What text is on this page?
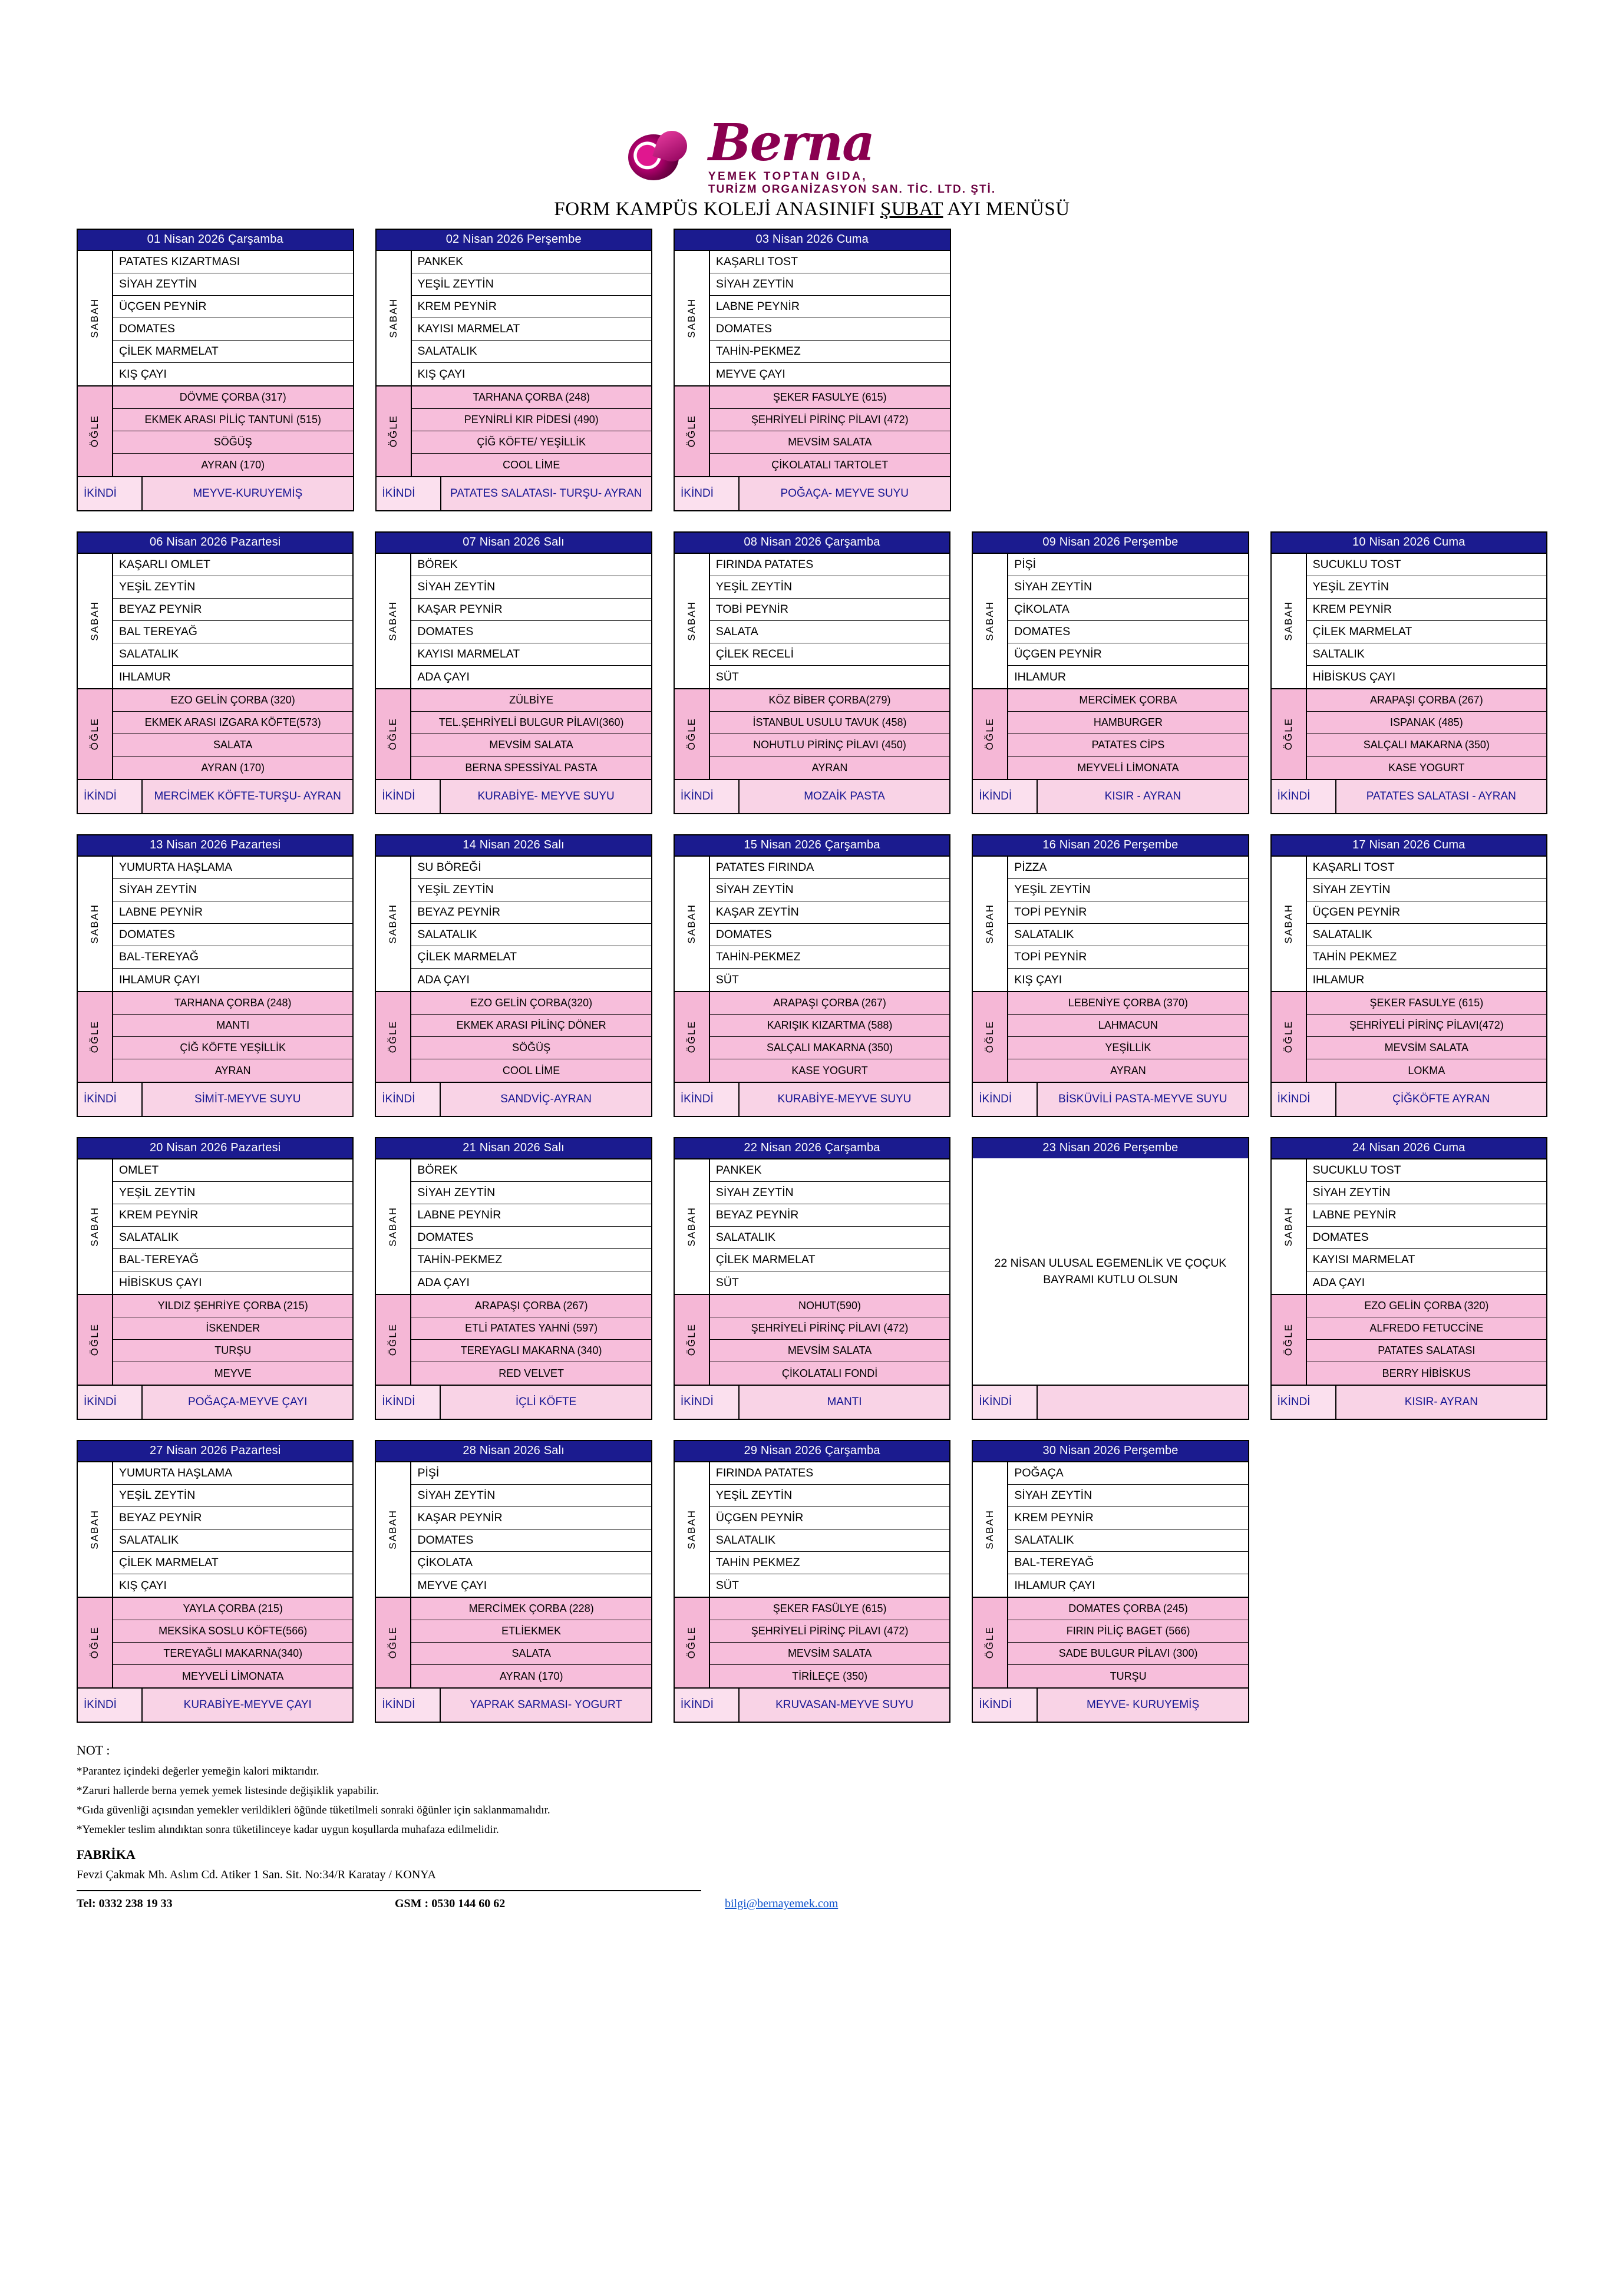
Berna
YEMEK TOPTAN GIDA,
TURİZM ORGANİZASYON SAN. TİC. LTD. ŞTİ.
FORM KAMPÜS KOLEJİ ANASINIFI ŞUBAT AYI MENÜSÜ
01 Nisan 2026 Çarşamba
SABAH
PATATES KIZARTMASI
SİYAH ZEYTİN
ÜÇGEN PEYNİR
DOMATES
ÇİLEK MARMELAT
KIŞ ÇAYI
ÖĞLE
DÖVME ÇORBA (317)
EKMEK ARASI PİLİÇ TANTUNİ (515)
SÖĞÜŞ
AYRAN (170)
İKİNDİ	MEYVE-KURUYEMİŞ
02 Nisan 2026 Perşembe
SABAH
PANKEK
YEŞİL ZEYTİN
KREM PEYNİR
KAYISI MARMELAT
SALATALIK
KIŞ ÇAYI
ÖĞLE
TARHANA ÇORBA (248)
PEYNİRLİ KIR PİDESİ (490)
ÇİĞ KÖFTE/ YEŞİLLİK
COOL LİME
İKİNDİ	PATATES SALATASI- TURŞU- AYRAN
03 Nisan 2026 Cuma
SABAH
KAŞARLI TOST
SİYAH ZEYTİN
LABNE PEYNİR
DOMATES
TAHİN-PEKMEZ
MEYVE ÇAYI
ÖĞLE
ŞEKER FASULYE (615)
ŞEHRİYELİ PİRİNÇ PİLAVI (472)
MEVSİM SALATA
ÇİKOLATALI TARTOLET
İKİNDİ	POĞAÇA- MEYVE SUYU
06 Nisan 2026 Pazartesi
SABAH
KAŞARLI OMLET
YEŞİL ZEYTİN
BEYAZ PEYNİR
BAL TEREYAĞ
SALATALIK
IHLAMUR
ÖĞLE
EZO GELİN ÇORBA (320)
EKMEK ARASI IZGARA KÖFTE(573)
SALATA
AYRAN (170)
İKİNDİ	MERCİMEK KÖFTE-TURŞU- AYRAN
07 Nisan 2026 Salı
SABAH
BÖREK
SİYAH ZEYTİN
KAŞAR PEYNİR
DOMATES
KAYISI MARMELAT
ADA ÇAYI
ÖĞLE
ZÜLBİYE
TEL.ŞEHRİYELİ BULGUR PİLAVI(360)
MEVSİM SALATA
BERNA SPESSİYAL PASTA
İKİNDİ	KURABİYE- MEYVE SUYU
08 Nisan 2026 Çarşamba
SABAH
FIRINDA PATATES
YEŞİL ZEYTİN
TOBİ PEYNİR
SALATA
ÇİLEK RECELİ
SÜT
ÖĞLE
KÖZ BİBER ÇORBA(279)
İSTANBUL USULU TAVUK (458)
NOHUTLU PİRİNÇ PİLAVI (450)
AYRAN
İKİNDİ	MOZAİK PASTA
09 Nisan 2026 Perşembe
SABAH
PİŞİ
SİYAH ZEYTİN
ÇİKOLATA
DOMATES
ÜÇGEN PEYNİR
IHLAMUR
ÖĞLE
MERCİMEK ÇORBA
HAMBURGER
PATATES CİPS
MEYVELİ LİMONATA
İKİNDİ	KISIR - AYRAN
10 Nisan 2026 Cuma
SABAH
SUCUKLU TOST
YEŞİL ZEYTİN
KREM PEYNİR
ÇİLEK MARMELAT
SALTALIK
HİBİSKUS ÇAYI
ÖĞLE
ARAPAŞI ÇORBA (267)
ISPANAK (485)
SALÇALI MAKARNA (350)
KASE YOGURT
İKİNDİ	PATATES SALATASI - AYRAN
13 Nisan 2026 Pazartesi
SABAH
YUMURTA HAŞLAMA
SİYAH ZEYTİN
LABNE PEYNİR
DOMATES
BAL-TEREYAĞ
IHLAMUR ÇAYI
ÖĞLE
TARHANA ÇORBA (248)
MANTI
ÇİĞ KÖFTE YEŞİLLİK
AYRAN
İKİNDİ	SİMİT-MEYVE SUYU
14 Nisan 2026 Salı
SABAH
SU BÖREĞİ
YEŞİL ZEYTİN
BEYAZ PEYNİR
SALATALIK
ÇİLEK MARMELAT
ADA ÇAYI
ÖĞLE
EZO GELİN ÇORBA(320)
EKMEK ARASI PİLİNÇ DÖNER
SÖĞÜŞ
COOL LİME
İKİNDİ	SANDVİÇ-AYRAN
15 Nisan 2026 Çarşamba
SABAH
PATATES FIRINDA
SİYAH ZEYTİN
KAŞAR ZEYTİN
DOMATES
TAHİN-PEKMEZ
SÜT
ÖĞLE
ARAPAŞI ÇORBA (267)
KARIŞIK KIZARTMA (588)
SALÇALI MAKARNA (350)
KASE YOGURT
İKİNDİ	KURABİYE-MEYVE SUYU
16 Nisan 2026 Perşembe
SABAH
PİZZA
YEŞİL ZEYTİN
TOPİ PEYNİR
SALATALIK
TOPİ PEYNİR
KIŞ ÇAYI
ÖĞLE
LEBENİYE ÇORBA (370)
LAHMACUN
YEŞİLLİK
AYRAN
İKİNDİ	BİSKÜVİLİ PASTA-MEYVE SUYU
17 Nisan 2026 Cuma
SABAH
KAŞARLI TOST
SİYAH ZEYTİN
ÜÇGEN PEYNİR
SALATALIK
TAHİN PEKMEZ
IHLAMUR
ÖĞLE
ŞEKER FASULYE (615)
ŞEHRİYELİ PİRİNÇ PİLAVI(472)
MEVSİM SALATA
LOKMA
İKİNDİ	ÇİĞKÖFTE AYRAN
20 Nisan 2026 Pazartesi
SABAH
OMLET
YEŞİL ZEYTİN
KREM PEYNİR
SALATALIK
BAL-TEREYAĞ
HİBİSKUS ÇAYI
ÖĞLE
YILDIZ ŞEHRİYE ÇORBA (215)
İSKENDER
TURŞU
MEYVE
İKİNDİ	POĞAÇA-MEYVE ÇAYI
21 Nisan 2026 Salı
SABAH
BÖREK
SİYAH ZEYTİN
LABNE PEYNİR
DOMATES
TAHİN-PEKMEZ
ADA ÇAYI
ÖĞLE
ARAPAŞI ÇORBA (267)
ETLİ PATATES YAHNİ (597)
TEREYAGLI MAKARNA (340)
RED VELVET
İKİNDİ	İÇLİ KÖFTE
22 Nisan 2026 Çarşamba
SABAH
PANKEK
SİYAH ZEYTİN
BEYAZ PEYNİR
SALATALIK
ÇİLEK MARMELAT
SÜT
ÖĞLE
NOHUT(590)
ŞEHRİYELİ PİRİNÇ PİLAVI (472)
MEVSİM SALATA
ÇİKOLATALI FONDİ
İKİNDİ	MANTI
23 Nisan 2026 Perşembe
22 NİSAN ULUSAL EGEMENLİK VE ÇOÇUK BAYRAMI KUTLU OLSUN
İKİNDİ
24 Nisan 2026 Cuma
SABAH
SUCUKLU TOST
SİYAH ZEYTİN
LABNE PEYNİR
DOMATES
KAYISI MARMELAT
ADA ÇAYI
ÖĞLE
EZO GELİN ÇORBA (320)
ALFREDO FETUCCİNE
PATATES SALATASI
BERRY HİBİSKUS
İKİNDİ	KISIR- AYRAN
27 Nisan 2026 Pazartesi
SABAH
YUMURTA HAŞLAMA
YEŞİL ZEYTİN
BEYAZ PEYNİR
SALATALIK
ÇİLEK MARMELAT
KIŞ ÇAYI
ÖĞLE
YAYLA ÇORBA (215)
MEKSİKA SOSLU KÖFTE(566)
TEREYAĞLI MAKARNA(340)
MEYVELİ LİMONATA
İKİNDİ	KURABİYE-MEYVE ÇAYI
28 Nisan 2026 Salı
SABAH
PİŞİ
SİYAH ZEYTİN
KAŞAR PEYNİR
DOMATES
ÇİKOLATA
MEYVE ÇAYI
ÖĞLE
MERCİMEK ÇORBA (228)
ETLİEKMEK
SALATA
AYRAN (170)
İKİNDİ	YAPRAK SARMASI- YOGURT
29 Nisan 2026 Çarşamba
SABAH
FIRINDA PATATES
YEŞİL ZEYTİN
ÜÇGEN PEYNİR
SALATALIK
TAHİN PEKMEZ
SÜT
ÖĞLE
ŞEKER FASÜLYE (615)
ŞEHRİYELİ PİRİNÇ PİLAVI (472)
MEVSİM SALATA
TİRİLEÇE (350)
İKİNDİ	KRUVASAN-MEYVE SUYU
30 Nisan 2026 Perşembe
SABAH
POĞAÇA
SİYAH ZEYTİN
KREM PEYNİR
SALATALIK
BAL-TEREYAĞ
IHLAMUR ÇAYI
ÖĞLE
DOMATES ÇORBA (245)
FIRIN PİLİÇ BAGET (566)
SADE BULGUR PİLAVI (300)
TURŞU
İKİNDİ	MEYVE- KURUYEMİŞ
NOT :
*Parantez içindeki değerler yemeğin kalori miktarıdır.
*Zaruri hallerde berna yemek yemek listesinde değişiklik yapabilir.
*Gıda güvenliği açısından yemekler verildikleri öğünde tüketilmeli sonraki öğünler için saklanmamalıdır.
*Yemekler teslim alındıktan sonra tüketilinceye kadar uygun koşullarda muhafaza edilmelidir.
FABRİKA
Fevzi Çakmak Mh. Aslım Cd. Atiker 1 San. Sit. No:34/R Karatay / KONYA
Tel: 0332 238 19 33	GSM : 0530 144 60 62	bilgi@bernayemek.com
